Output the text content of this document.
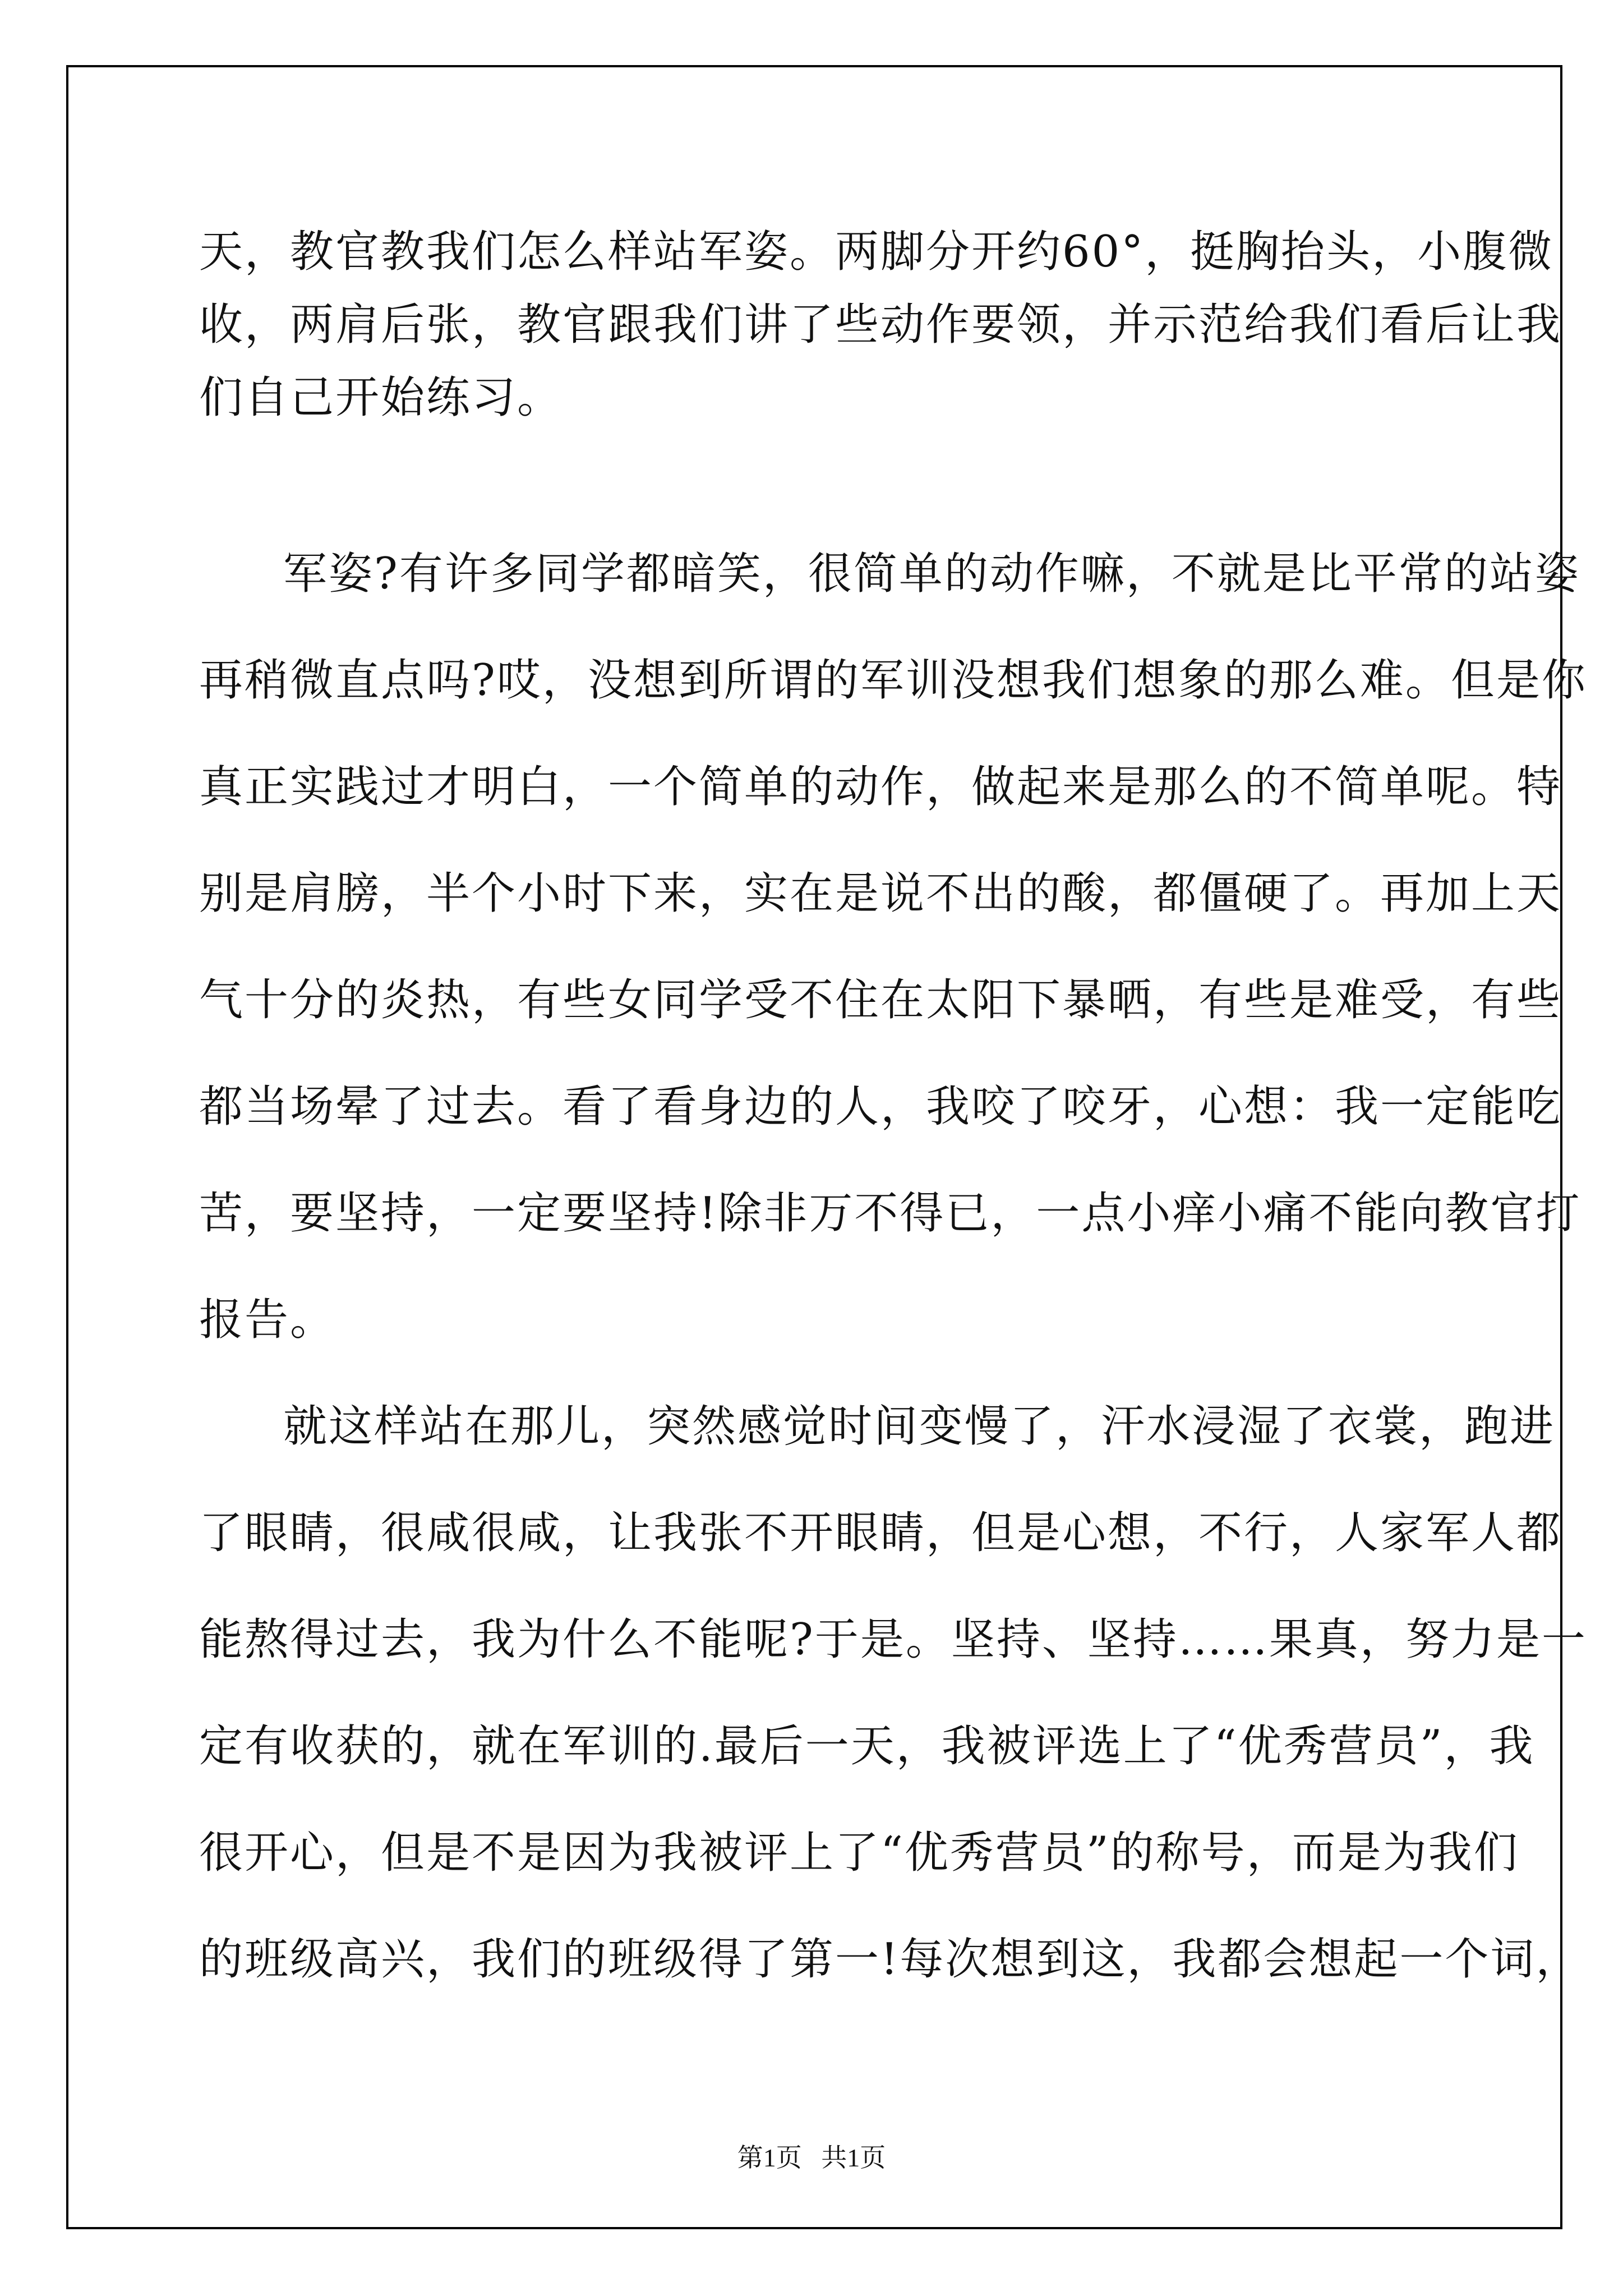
天，教官教我们怎么样站军姿。两脚分开约60°，挺胸抬头，小腹微
收，两肩后张，教官跟我们讲了些动作要领，并示范给我们看后让我
们自己开始练习。
军姿?有许多同学都暗笑，很简单的动作嘛，不就是比平常的站姿
再稍微直点吗?哎，没想到所谓的军训没想我们想象的那么难。但是你
真正实践过才明白，一个简单的动作，做起来是那么的不简单呢。特
别是肩膀，半个小时下来，实在是说不出的酸，都僵硬了。再加上天
气十分的炎热，有些女同学受不住在太阳下暴晒，有些是难受，有些
都当场晕了过去。看了看身边的人，我咬了咬牙，心想：我一定能吃
苦，要坚持，一定要坚持!除非万不得已，一点小痒小痛不能向教官打
报告。
就这样站在那儿，突然感觉时间变慢了，汗水浸湿了衣裳，跑进
了眼睛，很咸很咸，让我张不开眼睛，但是心想，不行，人家军人都
能熬得过去，我为什么不能呢?于是。坚持、坚持……果真，努力是一
定有收获的，就在军训的.最后一天，我被评选上了“优秀营员”，我
很开心，但是不是因为我被评上了“优秀营员”的称号，而是为我们
的班级高兴，我们的班级得了第一!每次想到这，我都会想起一个词，
第1页   共1页
